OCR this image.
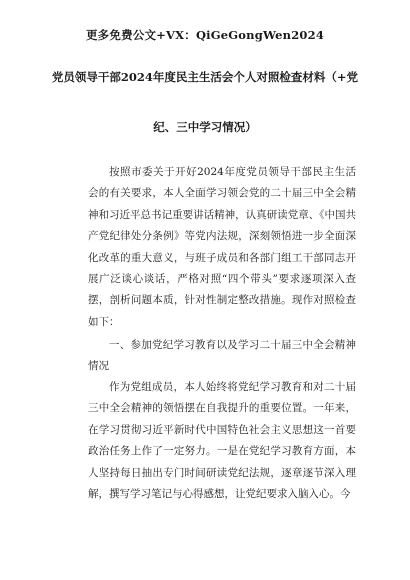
更多免费公文+VX：QiGeGongWen2024
党员领导干部2024年度民主生活会个人对照检查材料（+党
纪、三中学习情况）
按照市委关于开好2024年度党员领导干部民主生活会的有关要求，本人全面学习领会党的二十届三中全会精神和习近平总书记重要讲话精神，认真研读党章、《中国共产党纪律处分条例》等党内法规，深刻领悟进一步全面深化改革的重大意义，与班子成员和各部门组工干部同志开展广泛谈心谈话，严格对照“四个带头”要求逐项深入查摆，剖析问题本质，针对性制定整改措施。现作对照检查如下：
一、参加党纪学习教育以及学习二十届三中全会精神情况
作为党组成员，本人始终将党纪学习教育和对二十届三中全会精神的领悟摆在自我提升的重要位置。一年来，在学习贯彻习近平新时代中国特色社会主义思想这一首要政治任务上作了一定努力。一是在党纪学习教育方面，本人坚持每日抽出专门时间研读党纪法规，逐章逐节深入理解，撰写学习笔记与心得感想，让党纪要求入脑入心。今
